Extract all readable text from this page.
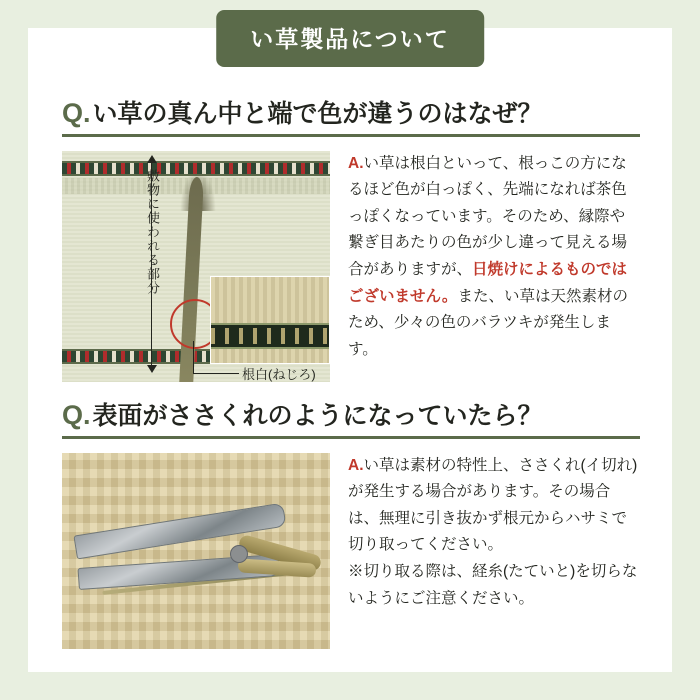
い草製品について
Q. い草の真ん中と端で色が違うのはなぜ？
敷物に使われる部分
根白(ねじろ)
A.い草は根白といって、根っこの方になるほど色が白っぽく、先端になれば茶色っぽくなっています。そのため、縁際や繋ぎ目あたりの色が少し違って見える場合がありますが、日焼けによるものではございません。また、い草は天然素材のため、少々の色のバラツキが発生します。
Q. 表面がささくれのようになっていたら？
A.い草は素材の特性上、ささくれ(イ切れ)が発生する場合があります。その場合は、無理に引き抜かず根元からハサミで切り取ってください。
※切り取る際は、経糸(たていと)を切らないようにご注意ください。
